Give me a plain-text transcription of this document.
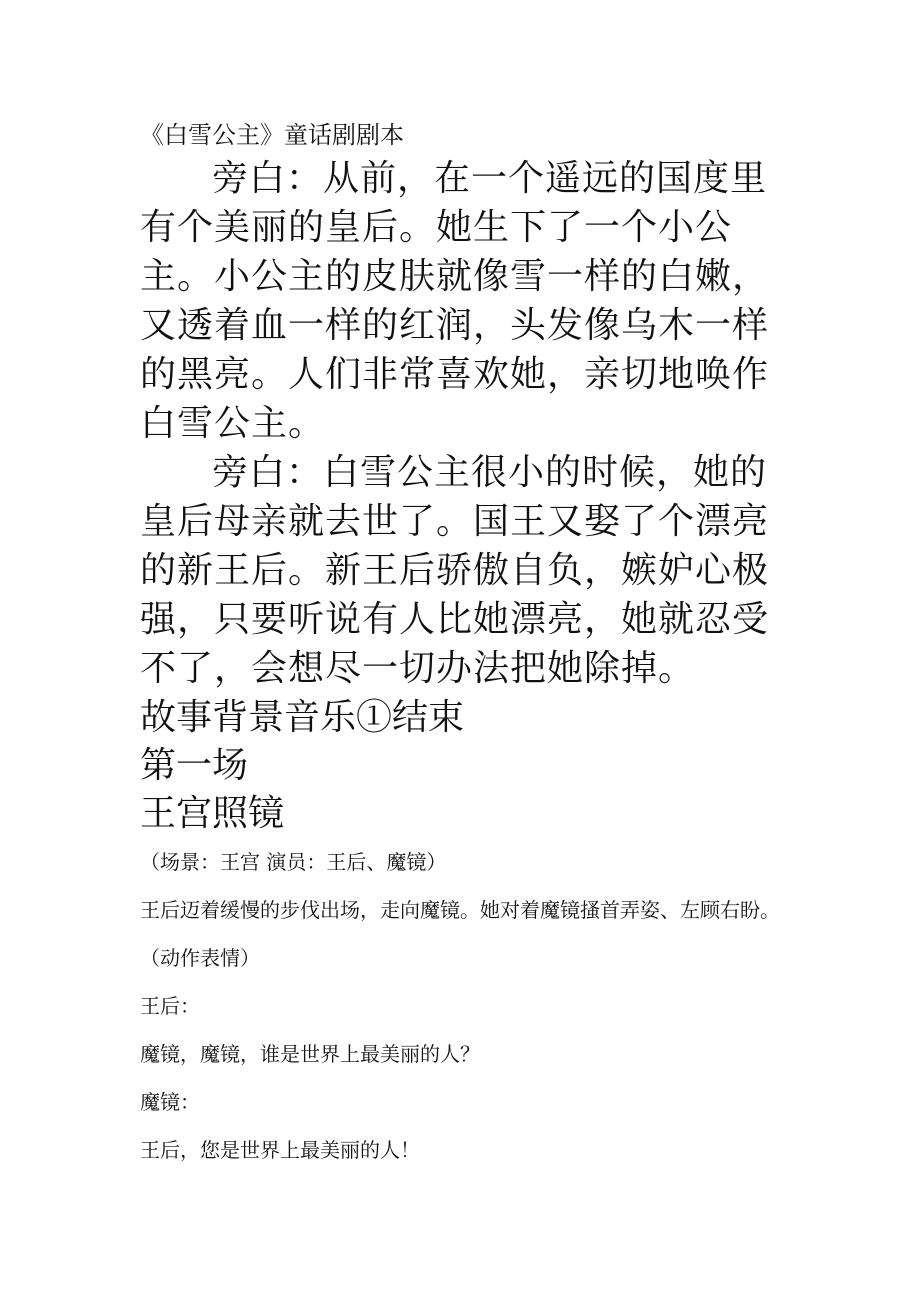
《白雪公主》童话剧剧本

旁白：从前，在一个遥远的国度里有个美丽的皇后。她生下了一个小公主。小公主的皮肤就像雪一样的白嫩，又透着血一样的红润，头发像乌木一样的黑亮。人们非常喜欢她，亲切地唤作白雪公主。

旁白：白雪公主很小的时候，她的皇后母亲就去世了。国王又娶了个漂亮的新王后。新王后骄傲自负，嫉妒心极强，只要听说有人比她漂亮，她就忍受不了，会想尽一切办法把她除掉。

故事背景音乐①结束
第一场
王宫照镜
（场景：王宫 演员：王后、魔镜）

王后迈着缓慢的步伐出场，走向魔镜。她对着魔镜搔首弄姿、左顾右盼。

（动作表情）
王后：
魔镜，魔镜，谁是世界上最美丽的人？
魔镜：
王后，您是世界上最美丽的人！
